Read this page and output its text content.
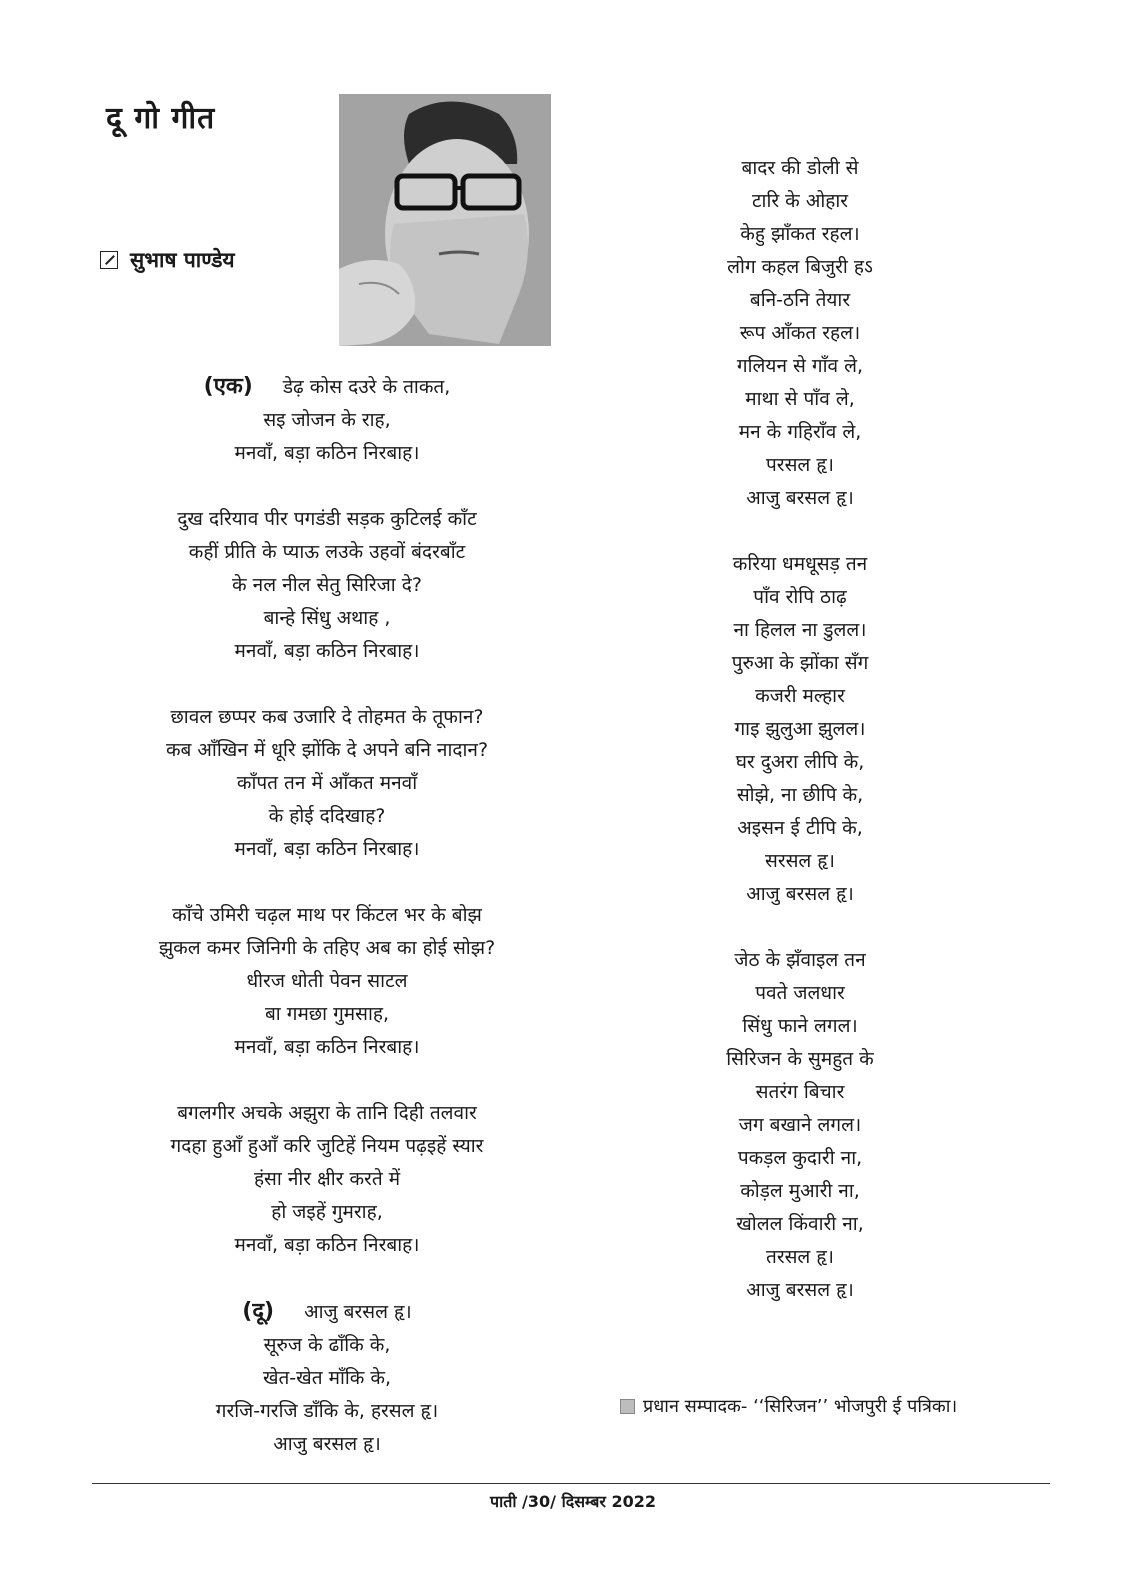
दू गो गीत
सुभाष पाण्डेय
(एक) डेढ़ कोस दउरे के ताकत,
सइ जोजन के राह,
मनवाँ, बड़ा कठिन निरबाह।
दुख दरियाव पीर पगडंडी सड़क कुटिलई काँट
कहीं प्रीति के प्याऊ लउके उहवों बंदरबाँट
के नल नील सेतु सिरिजा दे?
बान्हे सिंधु अथाह ,
मनवाँ, बड़ा कठिन निरबाह।
छावल छप्पर कब उजारि दे तोहमत के तूफान?
कब आँखिन में धूरि झोंकि दे अपने बनि नादान?
काँपत तन में आँकत मनवाँ
के होई ददिखाह?
मनवाँ, बड़ा कठिन निरबाह।
काँचे उमिरी चढ़ल माथ पर किंटल भर के बोझ
झुकल कमर जिनिगी के तहिए अब का होई सोझ?
धीरज धोती पेवन साटल
बा गमछा गुमसाह,
मनवाँ, बड़ा कठिन निरबाह।
बगलगीर अचके अझुरा के तानि दिही तलवार
गदहा हुआँ हुआँ करि जुटिहें नियम पढ़इहें स्यार
हंसा नीर क्षीर करते में
हो जइहें गुमराह,
मनवाँ, बड़ा कठिन निरबाह।
(दू) आजु बरसल हृ।
सूरुज के ढाँकि के,
खेत-खेत माँकि के,
गरजि-गरजि डाँकि के, हरसल हृ।
आजु बरसल हृ।
बादर की डोली से
टारि के ओहार
केहु झाँकत रहल।
लोग कहल बिजुरी हऽ
बनि-ठनि तेयार
रूप आँकत रहल।
गलियन से गाँव ले,
माथा से पाँव ले,
मन के गहिराँव ले,
परसल हृ।
आजु बरसल हृ।
करिया धमधूसड़ तन
पाँव रोपि ठाढ़
ना हिलल ना डुलल।
पुरुआ के झोंका सँग
कजरी मल्हार
गाइ झुलुआ झुलल।
घर दुअरा लीपि के,
सोझे, ना छीपि के,
अइसन ई टीपि के,
सरसल हृ।
आजु बरसल हृ।
जेठ के झँवाइल तन
पवते जलधार
सिंधु फाने लगल।
सिरिजन के सुमहुत के
सतरंग बिचार
जग बखाने लगल।
पकड़ल कुदारी ना,
कोड़ल मुआरी ना,
खोलल किंवारी ना,
तरसल हृ।
आजु बरसल हृ।
प्रधान सम्पादक- ‘‘सिरिजन’’ भोजपुरी ई पत्रिका।
पाती /30/ दिसम्बर 2022
